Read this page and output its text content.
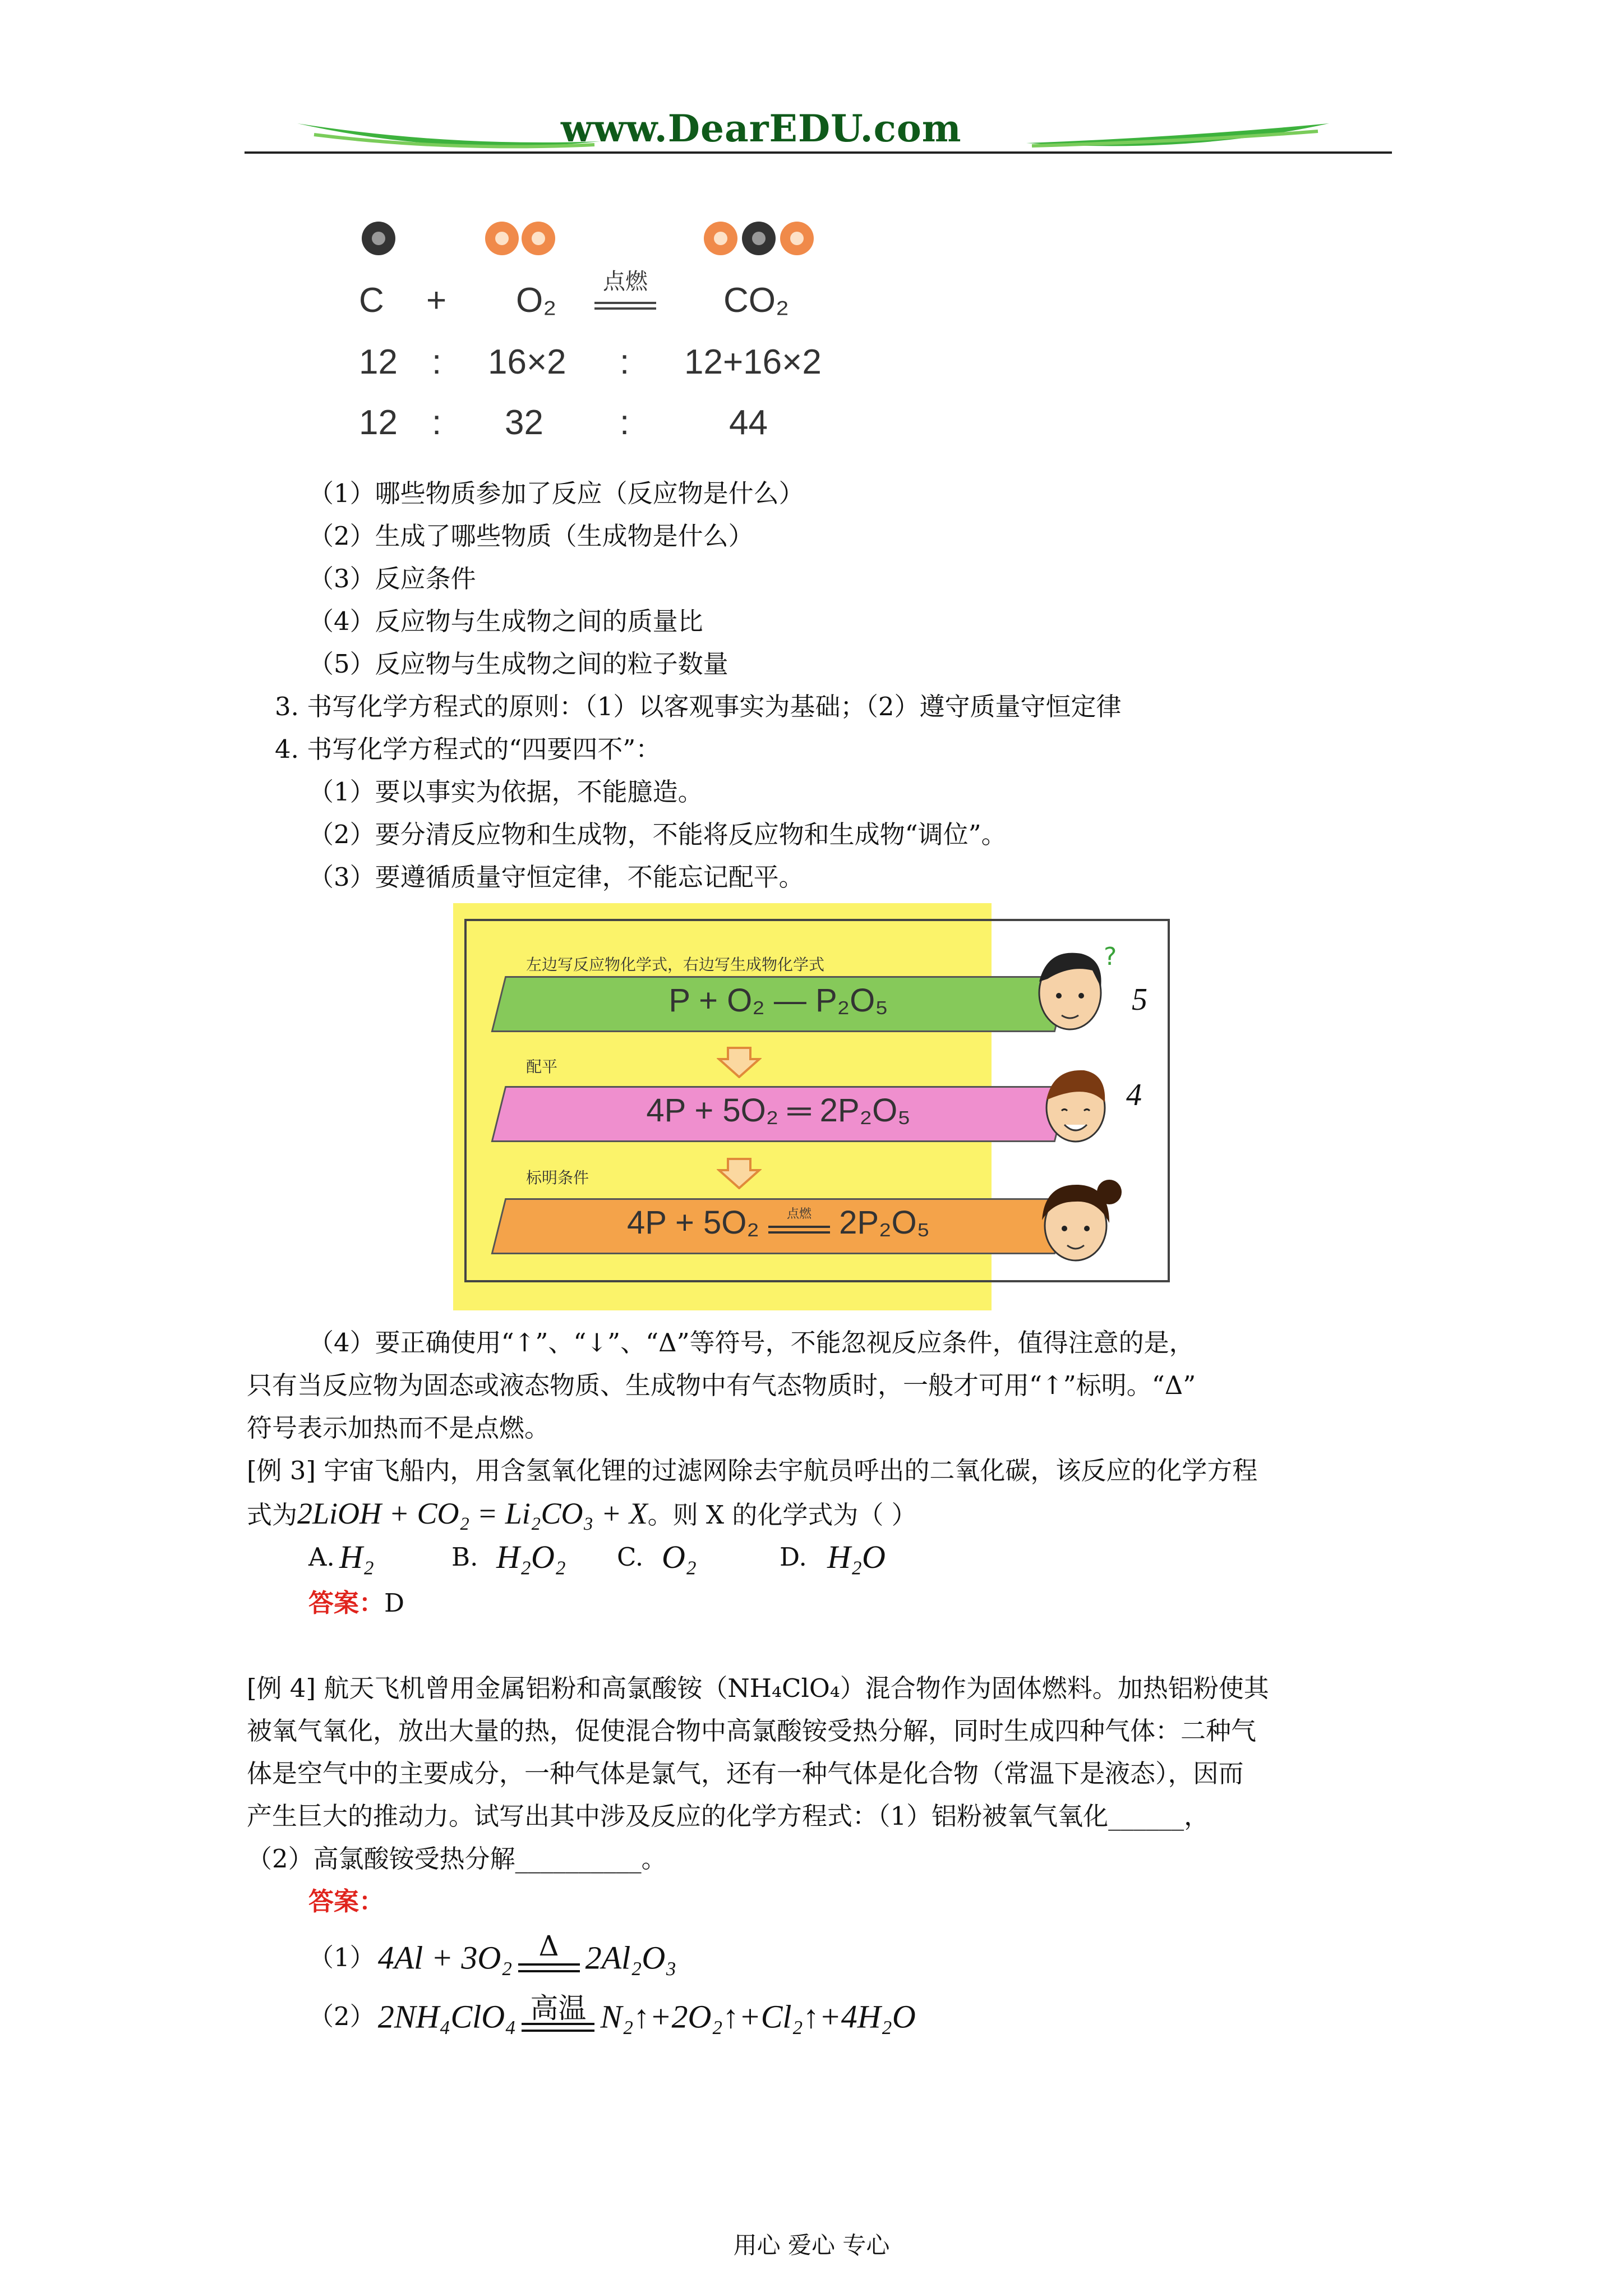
www.DearEDU.com
C + O₂ 点燃 CO₂
12 : 16×2 : 12+16×2
12 : 32 :	44
（1）哪些物质参加了反应（反应物是什么）
（2）生成了哪些物质（生成物是什么）
（3）反应条件
（4）反应物与生成物之间的质量比
（5）反应物与生成物之间的粒子数量
3. 书写化学方程式的原则：（1）以客观事实为基础；（2）遵守质量守恒定律
4. 书写化学方程式的“四要四不”：
（1）要以事实为依据，不能臆造。
（2）要分清反应物和生成物，不能将反应物和生成物“调位”。
（3）要遵循质量守恒定律，不能忘记配平。
左边写反应物化学式，右边写生成物化学式
P + O₂ — P₂O₅
配平
4P + 5O₂ ═ 2P₂O₅
标明条件
4P + 5O₂	点燃 2P₂O₅
?
5
4
（4）要正确使用“↑”、“↓”、“Δ”等符号，不能忽视反应条件，值得注意的是，
只有当反应物为固态或液态物质、生成物中有气态物质时，一般才可用“↑”标明。“Δ”
符号表示加热而不是点燃。
[例 3] 宇宙飞船内，用含氢氧化锂的过滤网除去宇航员呼出的二氧化碳，该反应的化学方程
式为2LiOH + CO₂ = Li₂CO₃ + X。则 X 的化学式为（ ）
A. H₂	B. H₂O₂ C. O₂	D. H₂O
答案：D
[例 4] 航天飞机曾用金属铝粉和高氯酸铵（NH₄ClO₄）混合物作为固体燃料。加热铝粉使其
被氧气氧化，放出大量的热，促使混合物中高氯酸铵受热分解，同时生成四种气体：二种气
体是空气中的主要成分，一种气体是氯气，还有一种气体是化合物（常温下是液态），因而
产生巨大的推动力。试写出其中涉及反应的化学方程式：（1）铝粉被氧气氧化______，
（2）高氯酸铵受热分解__________。
答案：
（1） 4Al + 3O₂ Δ 2Al₂O₃
（2） 2NH₄ClO₄ 高温 N₂↑+2O₂↑+Cl₂↑+4H₂O
用心 爱心 专心
